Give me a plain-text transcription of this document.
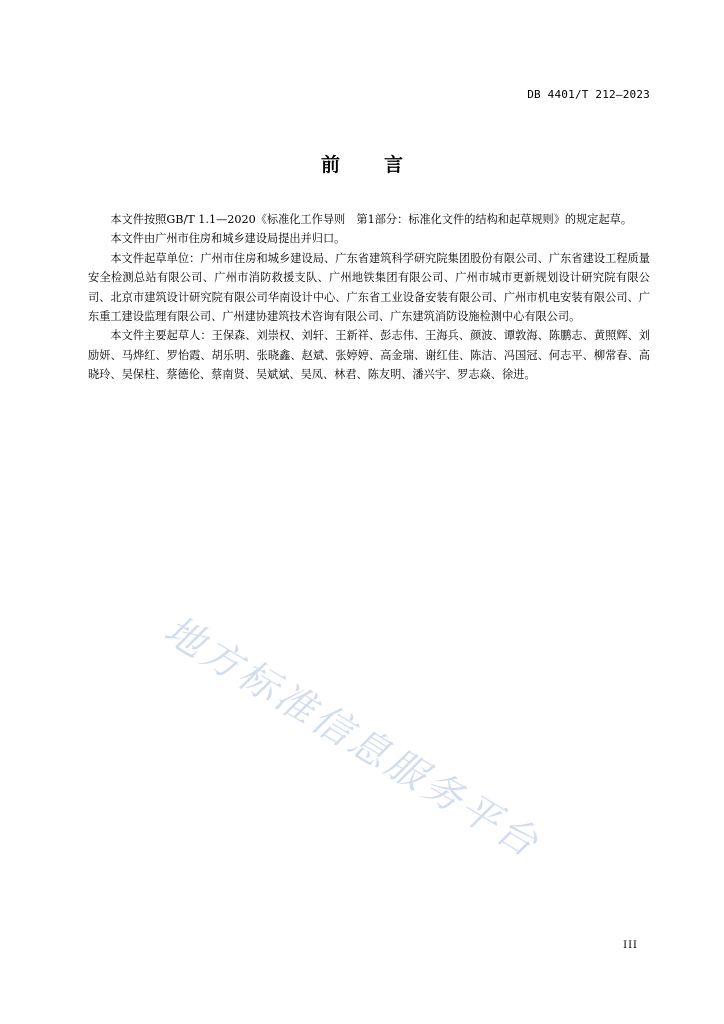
DB 4401/T 212—2023
前言

本文件按照GB/T 1.1—2020《标准化工作导则　第1部分：标准化文件的结构和起草规则》的规定起草。

本文件由广州市住房和城乡建设局提出并归口。

本文件起草单位：广州市住房和城乡建设局、广东省建筑科学研究院集团股份有限公司、广东省建设工程质量安全检测总站有限公司、广州市消防救援支队、广州地铁集团有限公司、广州市城市更新规划设计研究院有限公司、北京市建筑设计研究院有限公司华南设计中心、广东省工业设备安装有限公司、广州市机电安装有限公司、广东重工建设监理有限公司、广州建协建筑技术咨询有限公司、广东建筑消防设施检测中心有限公司。

本文件主要起草人：王保森、刘崇权、刘轩、王新祥、彭志伟、王海兵、颜波、谭敦海、陈鹏志、黄照辉、刘励妍、马烨红、罗怡霞、胡乐明、张晓鑫、赵斌、张婷婷、高金瑞、谢红佳、陈洁、冯国冠、何志平、柳常春、高晓玲、吴保柱、蔡德伦、蔡南贤、吴斌斌、吴凤、林君、陈友明、潘兴宇、罗志焱、徐进。

地方标准信息服务平台
III
